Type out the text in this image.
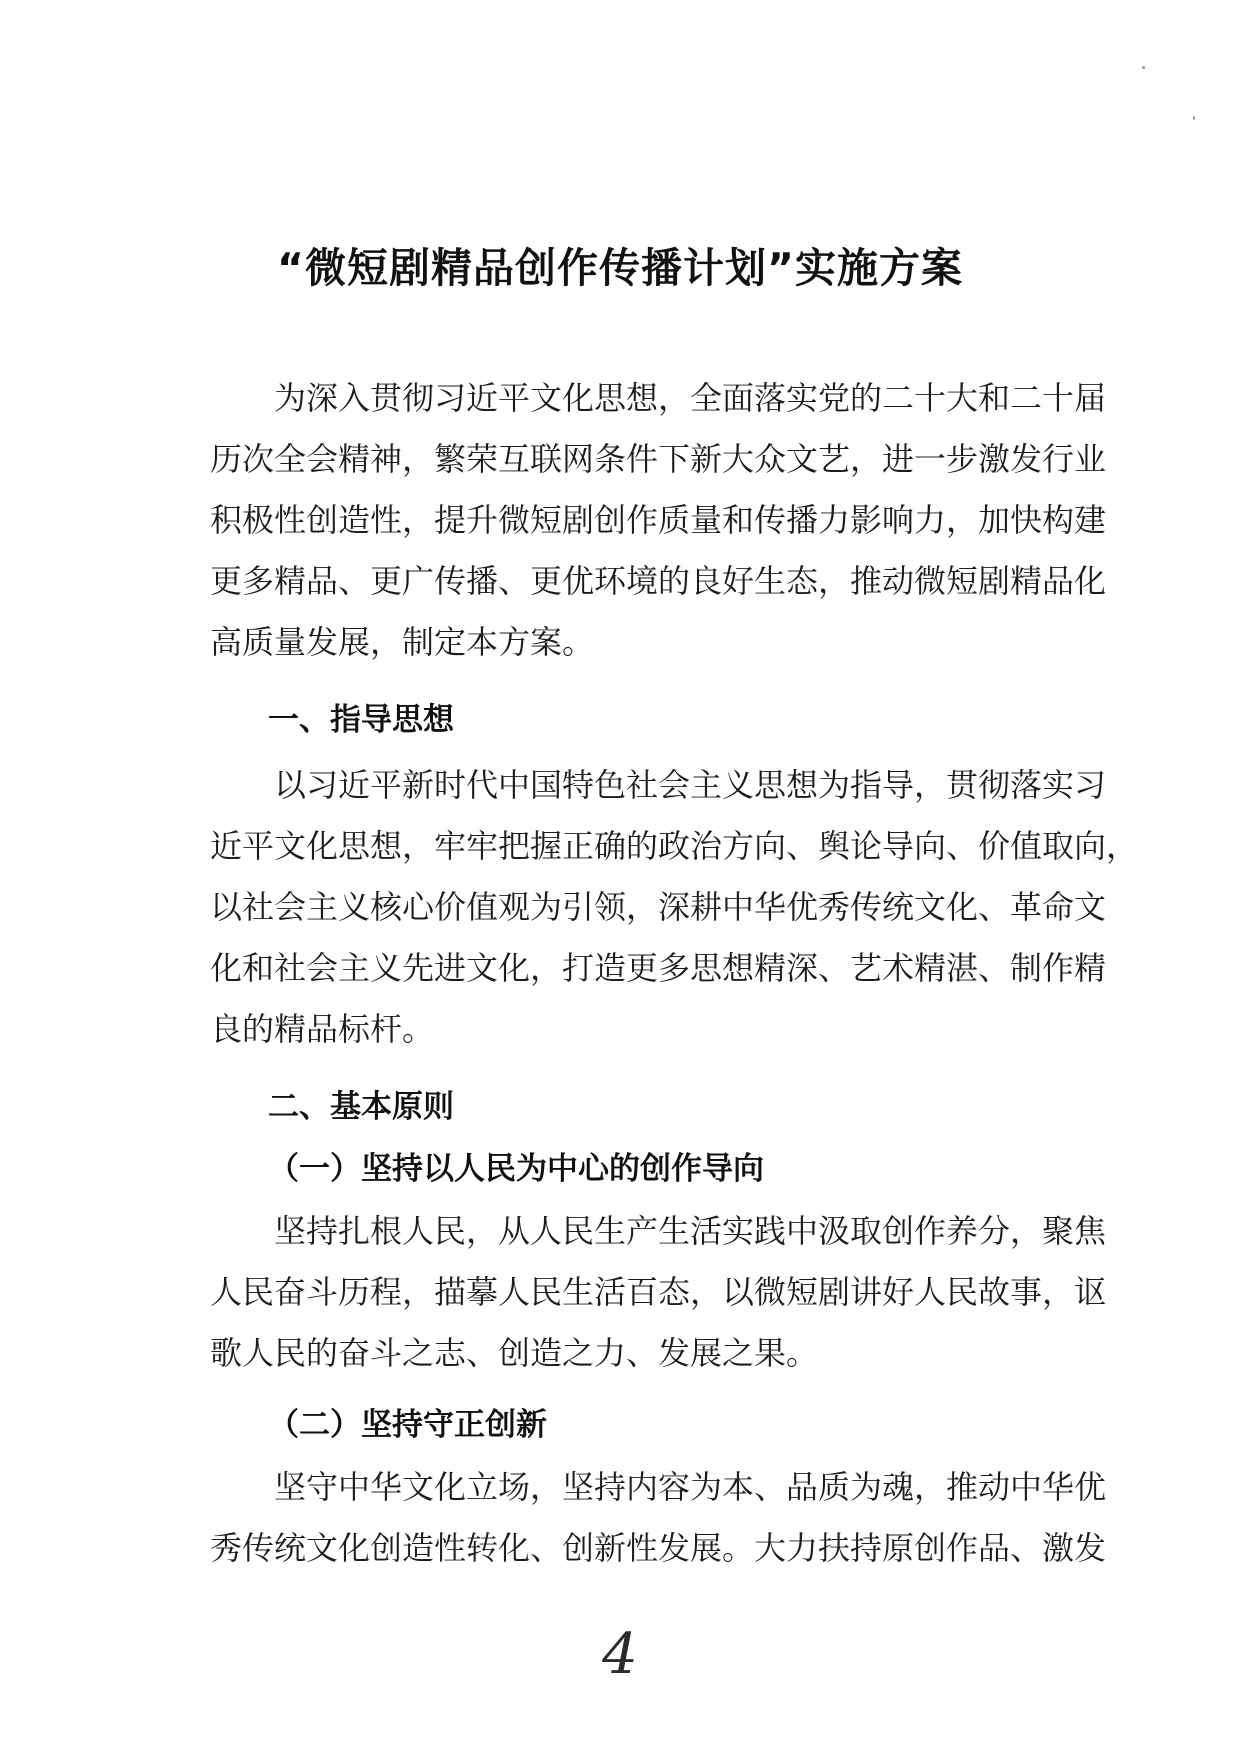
“微短剧精品创作传播计划”实施方案
为深入贯彻习近平文化思想，全面落实党的二十大和二十届
历次全会精神，繁荣互联网条件下新大众文艺，进一步激发行业
积极性创造性，提升微短剧创作质量和传播力影响力，加快构建
更多精品、更广传播、更优环境的良好生态，推动微短剧精品化
高质量发展，制定本方案。
一、指导思想
以习近平新时代中国特色社会主义思想为指导，贯彻落实习
近平文化思想，牢牢把握正确的政治方向、舆论导向、价值取向，
以社会主义核心价值观为引领，深耕中华优秀传统文化、革命文
化和社会主义先进文化，打造更多思想精深、艺术精湛、制作精
良的精品标杆。
二、基本原则
（一）坚持以人民为中心的创作导向
坚持扎根人民，从人民生产生活实践中汲取创作养分，聚焦
人民奋斗历程，描摹人民生活百态，以微短剧讲好人民故事，讴
歌人民的奋斗之志、创造之力、发展之果。
（二）坚持守正创新
坚守中华文化立场，坚持内容为本、品质为魂，推动中华优
秀传统文化创造性转化、创新性发展。大力扶持原创作品、激发
4
